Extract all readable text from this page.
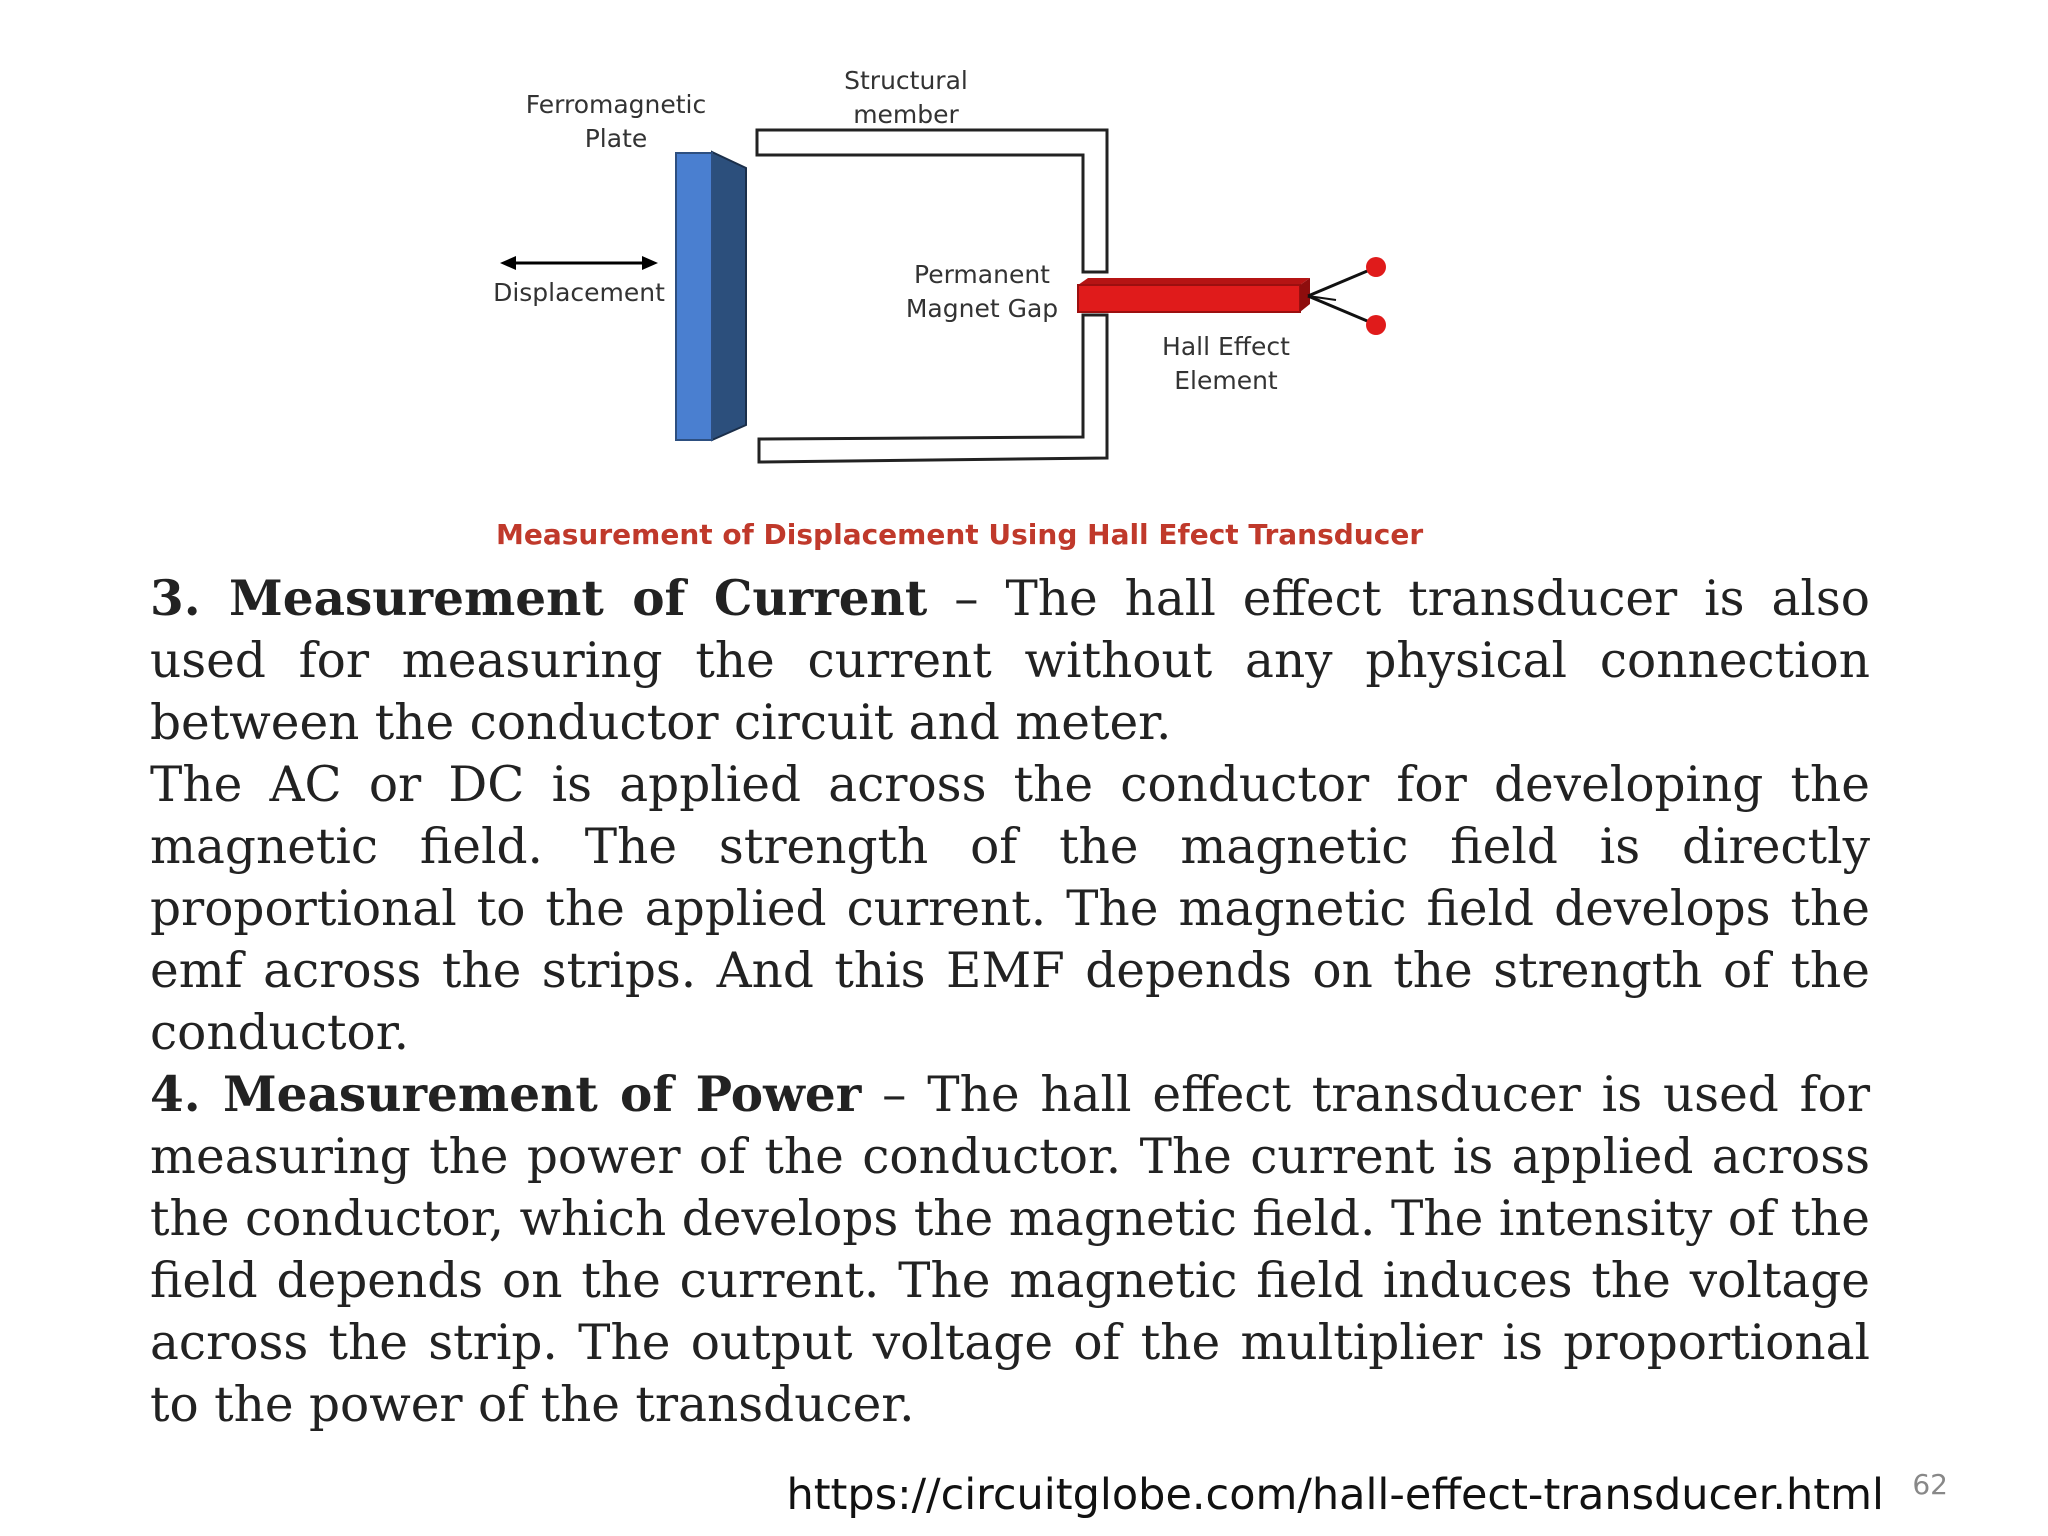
Ferromagnetic
Plate
Structural
member
Displacement
Permanent
Magnet Gap
Hall Effect
Element
Measurement of Displacement Using Hall Efect Transducer

3. Measurement of Current – The hall effect transducer is also used for measuring the current without any physical connection between the conductor circuit and meter.

The AC or DC is applied across the conductor for developing the magnetic field. The strength of the magnetic field is directly proportional to the applied current. The magnetic field develops the emf across the strips. And this EMF depends on the strength of the conductor.

4. Measurement of Power – The hall effect transducer is used for measuring the power of the conductor. The current is applied across the conductor, which develops the magnetic field. The intensity of the field depends on the current. The magnetic field induces the voltage across the strip. The output voltage of the multiplier is proportional to the power of the transducer.

https://circuitglobe.com/hall-effect-transducer.html 62
